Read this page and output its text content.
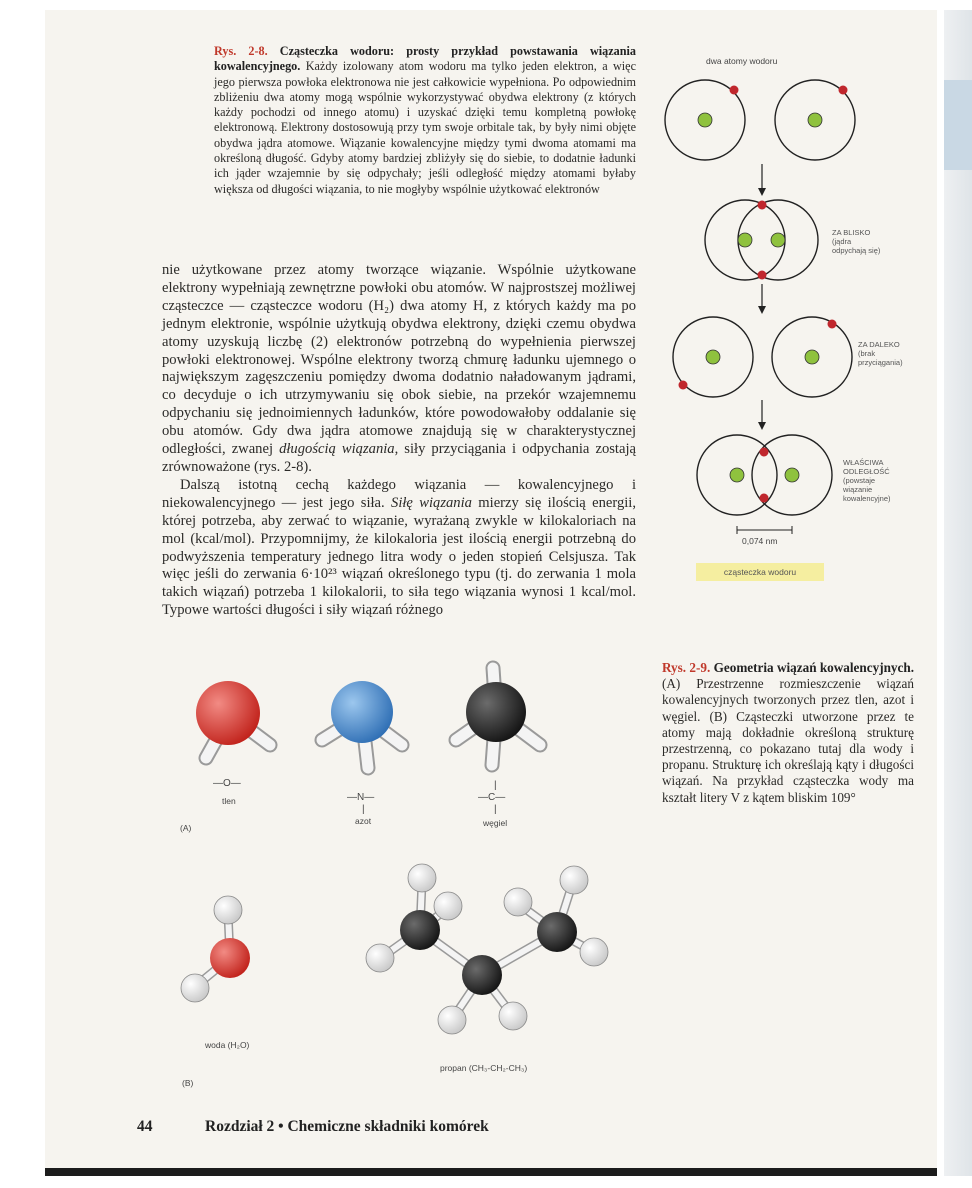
Rys. 2-8. Cząsteczka wodoru: prosty przykład powstawania wiązania kowalencyjnego. Każdy izolowany atom wodoru ma tylko jeden elektron, a więc jego pierwsza powłoka elektronowa nie jest całkowicie wypełniona. Po odpowiednim zbliżeniu dwa atomy mogą wspólnie wykorzystywać obydwa elektrony (z których każdy pochodzi od innego atomu) i uzyskać dzięki temu kompletną powłokę elektronową. Elektrony dostosowują przy tym swoje orbitale tak, by były nimi objęte obydwa jądra atomowe. Wiązanie kowalencyjne między tymi dwoma atomami ma określoną długość. Gdyby atomy bardziej zbliżyły się do siebie, to dodatnie ładunki ich jąder wzajemnie by się odpychały; jeśli odległość między atomami byłaby większa od długości wiązania, to nie mogłyby wspólnie użytkować elektronów

nie użytkowane przez atomy tworzące wiązanie. Wspólnie użytkowane elektrony wypełniają zewnętrzne powłoki obu atomów. W najprostszej możliwej cząsteczce — cząsteczce wodoru (H₂) dwa atomy H, z których każdy ma po jednym elektronie, wspólnie użytkują obydwa elektrony, dzięki czemu obydwa atomy uzyskują liczbę (2) elektronów potrzebną do wypełnienia pierwszej powłoki elektronowej. Wspólne elektrony tworzą chmurę ładunku ujemnego o największym zagęszczeniu pomiędzy dwoma dodatnio naładowanym jądrami, co decyduje o ich utrzymywaniu się obok siebie, na przekór wzajemnemu odpychaniu się jednoimiennych ładunków, które powodowałoby oddalanie się obu atomów. Gdy dwa jądra atomowe znajdują się w charakterystycznej odległości, zwanej długością wiązania, siły przyciągania i odpychania zostają zrównoważone (rys. 2-8).

Dalszą istotną cechą każdego wiązania — kowalencyjnego i niekowalencyjnego — jest jego siła. Siłę wiązania mierzy się ilością energii, której potrzeba, aby zerwać to wiązanie, wyrażaną zwykle w kilokaloriach na mol (kcal/mol). Przypomnijmy, że kilokaloria jest ilością energii potrzebną do podwyższenia temperatury jednego litra wody o jeden stopień Celsjusza. Tak więc jeśli do zerwania 6·10²³ wiązań określonego typu (tj. do zerwania 1 mola takich wiązań) potrzeba 1 kilokalorii, to siła tego wiązania wynosi 1 kcal/mol. Typowe wartości długości i siły wiązań różnego

dwa atomy wodoru
ZA BLISKO
(jądra
odpychają się)
ZA DALEKO
(brak
przyciągania)
WŁAŚCIWA
ODLEGŁOŚĆ
(powstaje
wiązanie
kowalencyjne)
0,074 nm
cząsteczka wodoru
Rys. 2-9. Geometria wiązań kowalencyjnych. (A) Przestrzenne rozmieszczenie wiązań kowalencyjnych tworzonych przez tlen, azot i węgiel. (B) Cząsteczki utworzone przez te atomy mają dokładnie określoną strukturę przestrzenną, co pokazano tutaj dla wody i propanu. Strukturę ich określają kąty i długości wiązań. Na przykład cząsteczka wody ma kształt litery V z kątem bliskim 109°
—O—
tlen	—N—
|
azot
|
—C—
|
węgiel
(A)
woda (H₂O)
propan (CH₃-CH₂-CH₃)
(B)
44	Rozdział 2 • Chemiczne składniki komórek
